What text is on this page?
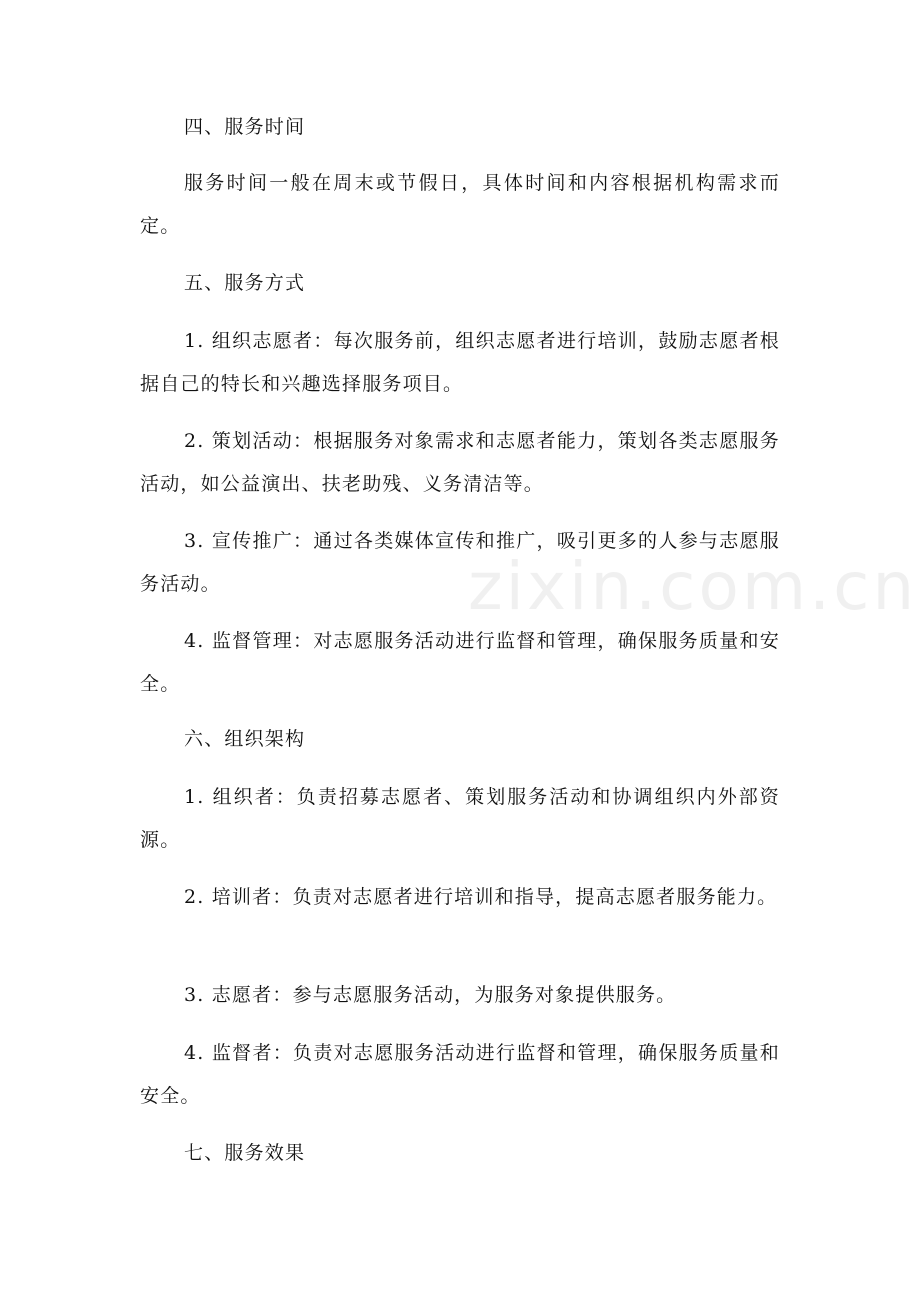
四、服务时间

服务时间一般在周末或节假日，具体时间和内容根据机构需求而定。

五、服务方式

1. 组织志愿者：每次服务前，组织志愿者进行培训，鼓励志愿者根据自己的特长和兴趣选择服务项目。

2. 策划活动：根据服务对象需求和志愿者能力，策划各类志愿服务活动，如公益演出、扶老助残、义务清洁等。

3. 宣传推广：通过各类媒体宣传和推广，吸引更多的人参与志愿服务活动。

4. 监督管理：对志愿服务活动进行监督和管理，确保服务质量和安全。

六、组织架构

1. 组织者：负责招募志愿者、策划服务活动和协调组织内外部资源。

2. 培训者：负责对志愿者进行培训和指导，提高志愿者服务能力。

3. 志愿者：参与志愿服务活动，为服务对象提供服务。

4. 监督者：负责对志愿服务活动进行监督和管理，确保服务质量和安全。

七、服务效果

zixin.com.cn
